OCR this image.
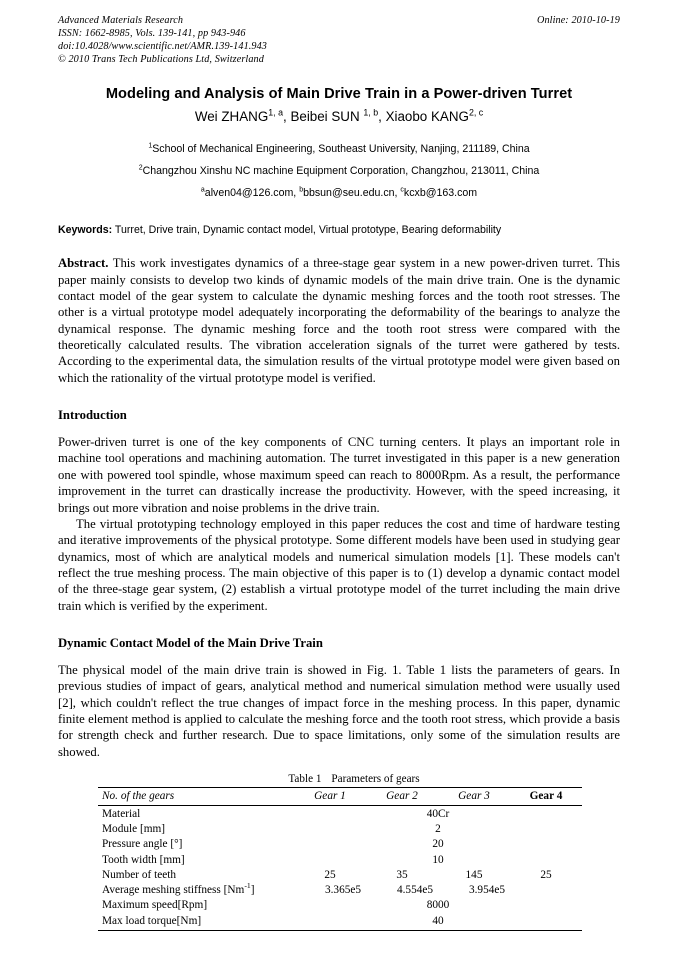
Online: 2010-10-19
Advanced Materials Research
ISSN: 1662-8985, Vols. 139-141, pp 943-946
doi:10.4028/www.scientific.net/AMR.139-141.943
© 2010 Trans Tech Publications Ltd, Switzerland
Modeling and Analysis of Main Drive Train in a Power-driven Turret
Wei ZHANG$^{1, a}$, Beibei SUN $^{1, b}$, Xiaobo KANG$^{2, c}$
$^1$School of Mechanical Engineering, Southeast University, Nanjing, 211189, China
$^2$Changzhou Xinshu NC machine Equipment Corporation, Changzhou, 213011, China
$^a$alven04@126.com, $^b$bbsun@seu.edu.cn, $^c$kcxb@163.com
Keywords: Turret, Drive train, Dynamic contact model, Virtual prototype, Bearing deformability
Abstract. This work investigates dynamics of a three-stage gear system in a new power-driven turret. This paper mainly consists to develop two kinds of dynamic models of the main drive train. One is the dynamic contact model of the gear system to calculate the dynamic meshing forces and the tooth root stresses. The other is a virtual prototype model adequately incorporating the deformability of the bearings to analyze the dynamical response. The dynamic meshing force and the tooth root stress were compared with the theoretically calculated results. The vibration acceleration signals of the turret were gathered by tests. According to the experimental data, the simulation results of the virtual prototype model were given based on which the rationality of the virtual prototype model is verified.
Introduction
Power-driven turret is one of the key components of CNC turning centers. It plays an important role in machine tool operations and machining automation. The turret investigated in this paper is a new generation one with powered tool spindle, whose maximum speed can reach to 8000Rpm. As a result, the performance improvement in the turret can drastically increase the productivity. However, with the speed increasing, it brings out more vibration and noise problems in the drive train.
The virtual prototyping technology employed in this paper reduces the cost and time of hardware testing and iterative improvements of the physical prototype. Some different models have been used in studying gear dynamics, most of which are analytical models and numerical simulation models [1]. These models can't reflect the true meshing process. The main objective of this paper is to (1) develop a dynamic contact model of the three-stage gear system, (2) establish a virtual prototype model of the turret including the main drive train which is verified by the experiment.
Dynamic Contact Model of the Main Drive Train
The physical model of the main drive train is showed in Fig. 1. Table 1 lists the parameters of gears. In previous studies of impact of gears, analytical method and numerical simulation method were usually used [2], which couldn't reflect the true changes of impact force in the meshing process. In this paper, dynamic finite element method is applied to calculate the meshing force and the tooth root stress, which provide a basis for strength check and further research. Due to space limitations, only some of the simulation results are showed.
Table 1 Parameters of gears
No. of the gears	Gear 1	Gear 2	Gear 3	Gear 4
Material	40Cr			
Module [mm]	2			
Pressure angle [°]	20			
Tooth width [mm]	10			
Number of teeth	25	35	145	25
Average meshing stiffness $[Nm^{-1}]$	3.365e5	4.554e5	3.954e5	
Maximum speed[Rpm]	8000			
Max load torque[Nm]	40			
